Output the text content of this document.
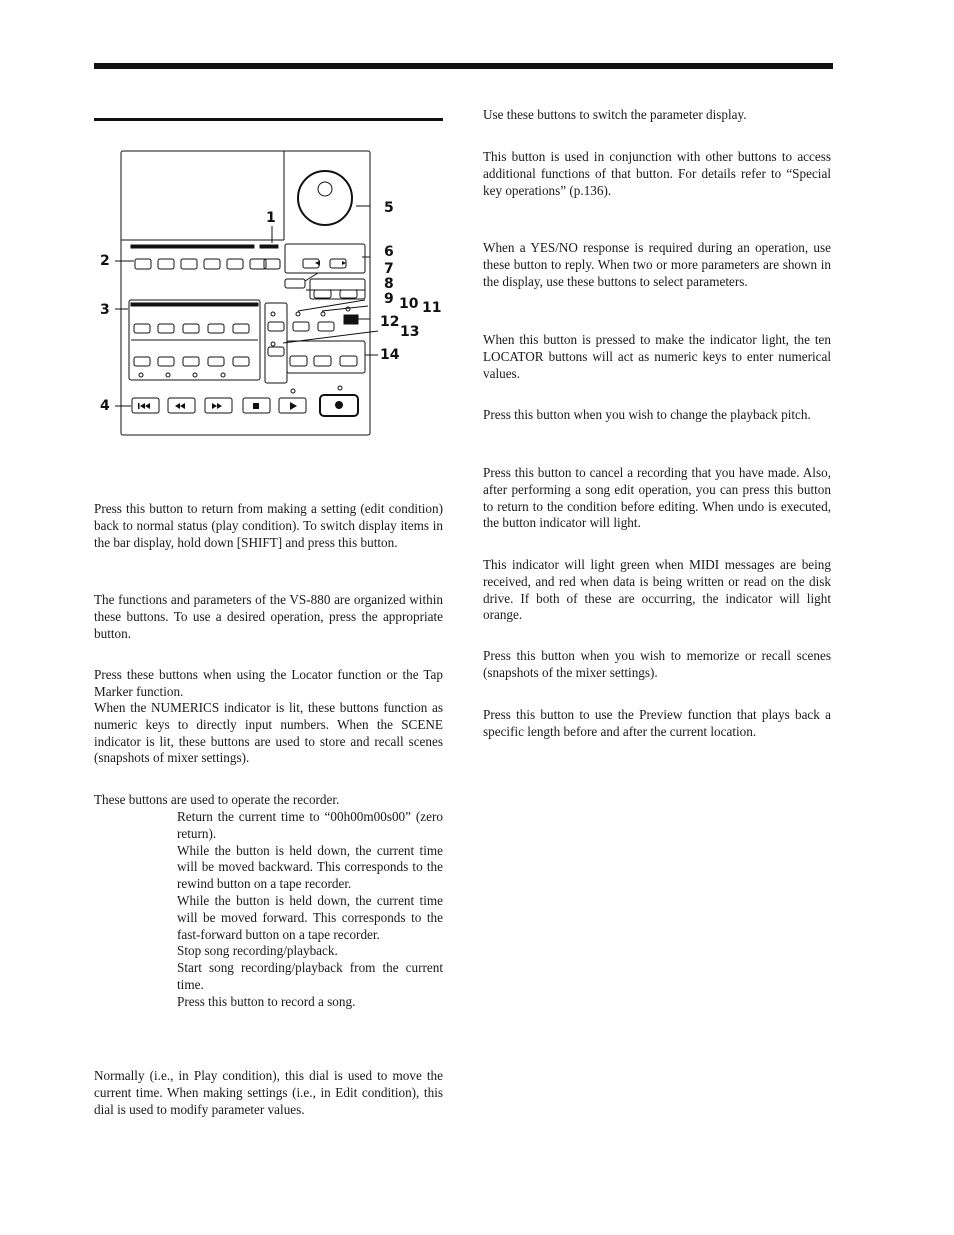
1
2
3
4
5
6
7
8
9 10 11
12
13
14

Press this button to return from making a setting (edit condition) back to normal status (play condition). To switch display items in the bar display, hold down [SHIFT] and press this button.

The functions and parameters of the VS-880 are organized within these buttons. To use a desired operation, press the appropriate button.

Press these buttons when using the Locator function or the Tap Marker function.

When the NUMERICS indicator is lit, these buttons function as numeric keys to directly input numbers. When the SCENE indicator is lit, these buttons are used to store and recall scenes (snapshots of mixer settings).

These buttons are used to operate the recorder.

Return the current time to “00h00m00s00” (zero return).

While the button is held down, the current time will be moved backward. This corresponds to the rewind button on a tape recorder.

While the button is held down, the current time will be moved forward. This corresponds to the fast-forward button on a tape recorder.

Stop song recording/playback.

Start song recording/playback from the current time.

Press this button to record a song.

Normally (i.e., in Play condition), this dial is used to move the current time. When making settings (i.e., in Edit condition), this dial is used to modify parameter values.

Use these buttons to switch the parameter display.

This button is used in conjunction with other buttons to access additional functions of that button. For details refer to “Special key operations” (p.136).

When a YES/NO response is required during an operation, use these button to reply. When two or more parameters are shown in the display, use these buttons to select parameters.

When this button is pressed to make the indicator light, the ten LOCATOR buttons will act as numeric keys to enter numerical values.

Press this button when you wish to change the playback pitch.

Press this button to cancel a recording that you have made. Also, after performing a song edit operation, you can press this button to return to the condition before editing. When undo is executed, the button indicator will light.

This indicator will light green when MIDI messages are being received, and red when data is being written or read on the disk drive. If both of these are occurring, the indicator will light orange.

Press this button when you wish to memorize or recall scenes (snapshots of the mixer settings).

Press this button to use the Preview function that plays back a specific length before and after the current location.
